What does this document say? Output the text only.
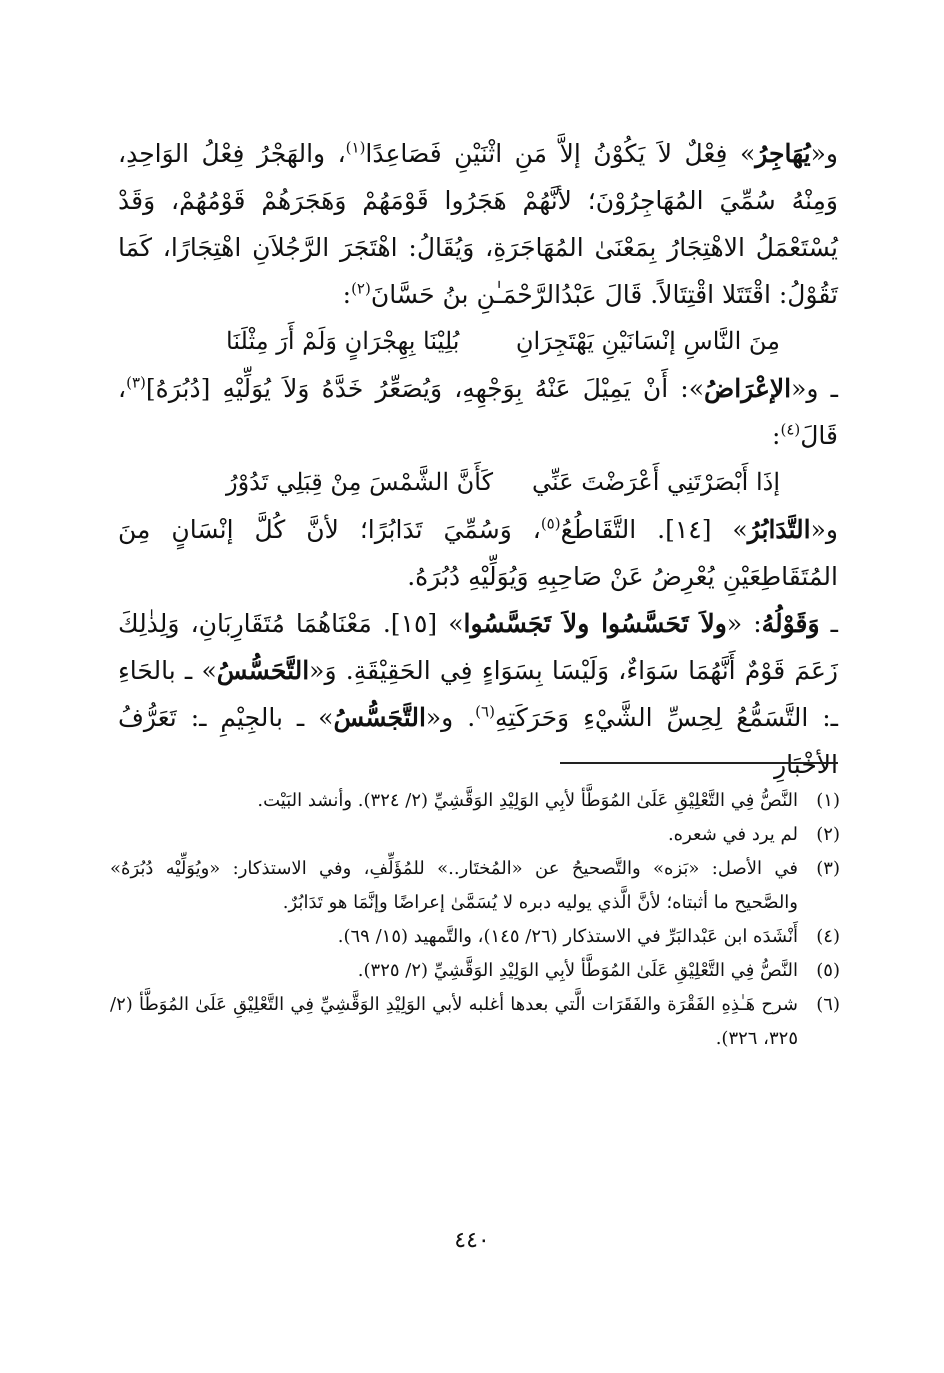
و«يُهَاجِرُ» فِعْلٌ لاَ يَكُوْنُ إلاَّ مَنِ اثْنَيْنِ فَصَاعِدًا$^{(١)}$، والهَجْرُ فِعْلُ الوَاحِدِ، وَمِنْهُ سُمِّيَ المُهَاجِرُوْنَ؛ لأنَّهُمْ هَجَرُوا قَوْمَهُمْ وَهَجَرَهُمْ قَوْمُهُمْ، وَقَدْ يُسْتَعْمَلُ الاهْتِجَارُ بِمَعْنَىٰ المُهَاجَرَةِ، وَيُقَالُ: اهْتَجَرَ الرَّجُلاَنِ اهْتِجَارًا، كَمَا تَقُوْلُ: اقْتَتَلا اقْتِتَالاً. قَالَ عَبْدُالرَّحْمَـٰنِ بنُ حَسَّانَ$^{(٢)}$:

مِنَ النَّاسِ إنْسَانَيْنِ يَهْتَجِرَانِ
بُلِيْنَا بِهِجْرَانٍ وَلَمْ أَرَ مِثْلَنَا

ـ و«الإعْرَاضُ»: أَنْ يَمِيْلَ عَنْهُ بِوَجْهِهِ، وَيُصَعِّرُ خَدَّهُ وَلاَ يُوَلِّيْهِ [دُبُرَهُ]$^{(٣)}$، قَالَ$^{(٤)}$:

إذَا أَبْصَرْتَنِي أَعْرَضْتَ عَنِّي
كَأَنَّ الشَّمْسَ مِنْ قِبَلِي تَدُوْرُ

و«التَّدَابُرُ» [١٤]. التَّقَاطُعُ$^{(٥)}$، وَسُمِّيَ تَدَابُرًا؛ لأنَّ كُلَّ إنْسَانٍ مِنَ المُتَقَاطِعَيْنِ يُعْرِضُ عَنْ صَاحِبِهِ وَيُوَلِّيْهِ دُبُرَهُ.

ـ وَقَوْلُهُ: «ولاَ تَحَسَّسُوا ولاَ تَجَسَّسُوا» [١٥]. مَعْنَاهُمَا مُتَقَارِبَانِ، وَلِذٰلِكَ زَعَمَ قَوْمٌ أَنَّهُمَا سَوَاءٌ، وَلَيْسَا بِسَوَاءٍ فِي الحَقِيْقَةِ. وَ«التَّحَسُّسُ» ـ بالحَاءِ ـ: التَّسَمُّعُ لِحِسِّ الشَّيْءِ وَحَرَكَتِهِ$^{(٦)}$. و«التَّجَسُّسُ» ـ بالجِيْمِ ـ: تَعَرُّفُ الأخْبَارِ

(١)
النَّصُّ فِي التَّعْلِيْقِ عَلَىٰ المُوَطَّأ لأبِي الوَلِيْدِ الوَقَّشِيِّ (٢/ ٣٢٤). وأنشد البَيْت.
(٢)
لم يرد في شعره.
(٣)
في الأصل: «بَزه» والتَّصحيحُ عن «المُختَار..» للمُؤَلِّفِ، وفي الاستذكار: «ويُوَلِّيْه دُبُرَهُ» والصَّحيح ما أثبتاه؛ لأنَّ الَّذي يوليه دبره لا يُسَمَّىٰ إعراضًا وإنَّمَا هو تَدَابُرٌ.
(٤)
أَنْشَدَه ابن عَبْدالبَرِّ في الاستذكار (٢٦/ ١٤٥)، والتَّمهيد (١٥/ ٦٩).
(٥)
النَّصُّ فِي التَّعْلِيْقِ عَلَىٰ المُوَطَّأ لأبِي الوَلِيْدِ الوَقَّشِيِّ (٢/ ٣٢٥).
(٦)
شرح هَـٰذِهِ الفَقْرَة والفَقَرَات الَّتي بعدها أغلبه لأبي الوَلِيْدِ الوَقَّشِيِّ فِي التَّعْلِيْقِ عَلَىٰ المُوَطَّأ (٢/ ٣٢٥، ٣٢٦).
٤٤٠
